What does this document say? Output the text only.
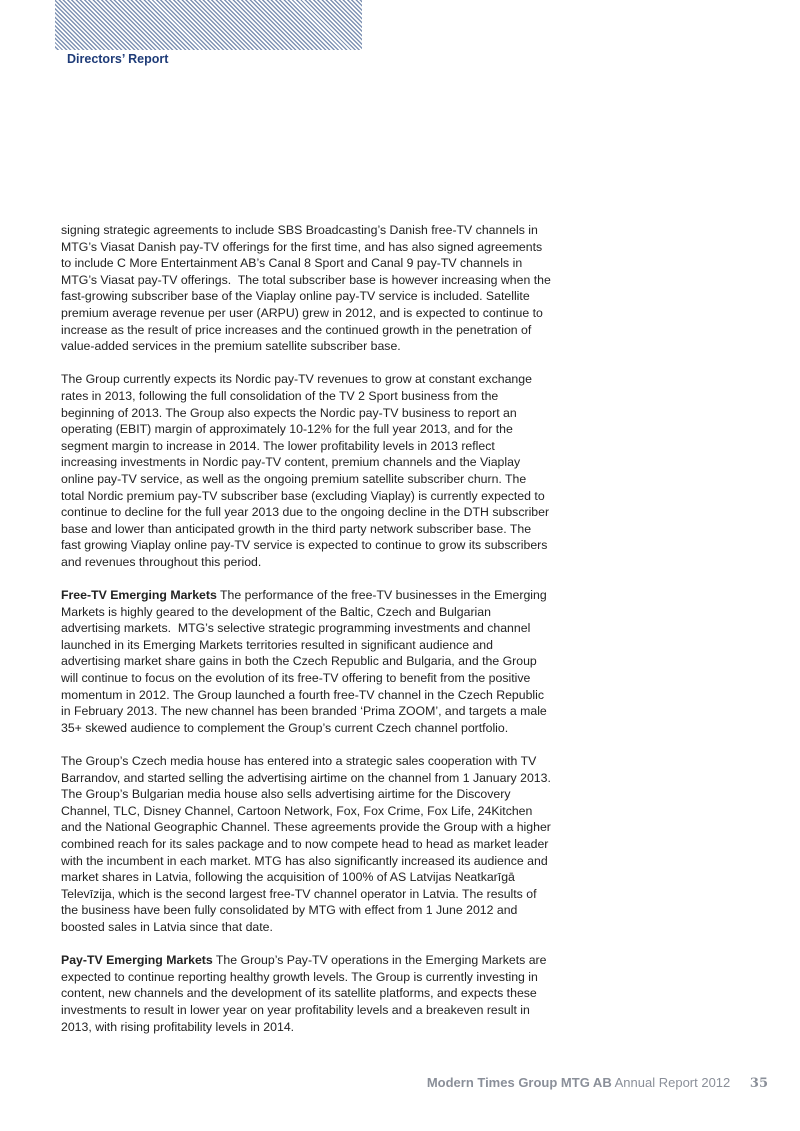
Directors’ Report
signing strategic agreements to include SBS Broadcasting’s Danish free-TV channels in
MTG’s Viasat Danish pay-TV offerings for the first time, and has also signed agreements
to include C More Entertainment AB’s Canal 8 Sport and Canal 9 pay-TV channels in
MTG’s Viasat pay-TV offerings.  The total subscriber base is however increasing when the
fast-growing subscriber base of the Viaplay online pay-TV service is included. Satellite
premium average revenue per user (ARPU) grew in 2012, and is expected to continue to
increase as the result of price increases and the continued growth in the penetration of
value-added services in the premium satellite subscriber base.
The Group currently expects its Nordic pay-TV revenues to grow at constant exchange
rates in 2013, following the full consolidation of the TV 2 Sport business from the
beginning of 2013. The Group also expects the Nordic pay-TV business to report an
operating (EBIT) margin of approximately 10-12% for the full year 2013, and for the
segment margin to increase in 2014. The lower profitability levels in 2013 reflect
increasing investments in Nordic pay-TV content, premium channels and the Viaplay
online pay-TV service, as well as the ongoing premium satellite subscriber churn. The
total Nordic premium pay-TV subscriber base (excluding Viaplay) is currently expected to
continue to decline for the full year 2013 due to the ongoing decline in the DTH subscriber
base and lower than anticipated growth in the third party network subscriber base. The
fast growing Viaplay online pay-TV service is expected to continue to grow its subscribers
and revenues throughout this period.
Free-TV Emerging Markets The performance of the free-TV businesses in the Emerging
Markets is highly geared to the development of the Baltic, Czech and Bulgarian
advertising markets.  MTG’s selective strategic programming investments and channel
launched in its Emerging Markets territories resulted in significant audience and
advertising market share gains in both the Czech Republic and Bulgaria, and the Group
will continue to focus on the evolution of its free-TV offering to benefit from the positive
momentum in 2012. The Group launched a fourth free-TV channel in the Czech Republic
in February 2013. The new channel has been branded ‘Prima ZOOM’, and targets a male
35+ skewed audience to complement the Group’s current Czech channel portfolio.
The Group’s Czech media house has entered into a strategic sales cooperation with TV
Barrandov, and started selling the advertising airtime on the channel from 1 January 2013.
The Group’s Bulgarian media house also sells advertising airtime for the Discovery
Channel, TLC, Disney Channel, Cartoon Network, Fox, Fox Crime, Fox Life, 24Kitchen
and the National Geographic Channel. These agreements provide the Group with a higher
combined reach for its sales package and to now compete head to head as market leader
with the incumbent in each market. MTG has also significantly increased its audience and
market shares in Latvia, following the acquisition of 100% of AS Latvijas Neatkarīgā
Televīzija, which is the second largest free-TV channel operator in Latvia. The results of
the business have been fully consolidated by MTG with effect from 1 June 2012 and
boosted sales in Latvia since that date.
Pay-TV Emerging Markets The Group’s Pay-TV operations in the Emerging Markets are
expected to continue reporting healthy growth levels. The Group is currently investing in
content, new channels and the development of its satellite platforms, and expects these
investments to result in lower year on year profitability levels and a breakeven result in
2013, with rising profitability levels in 2014.
Modern Times Group MTG AB Annual Report 2012 35
